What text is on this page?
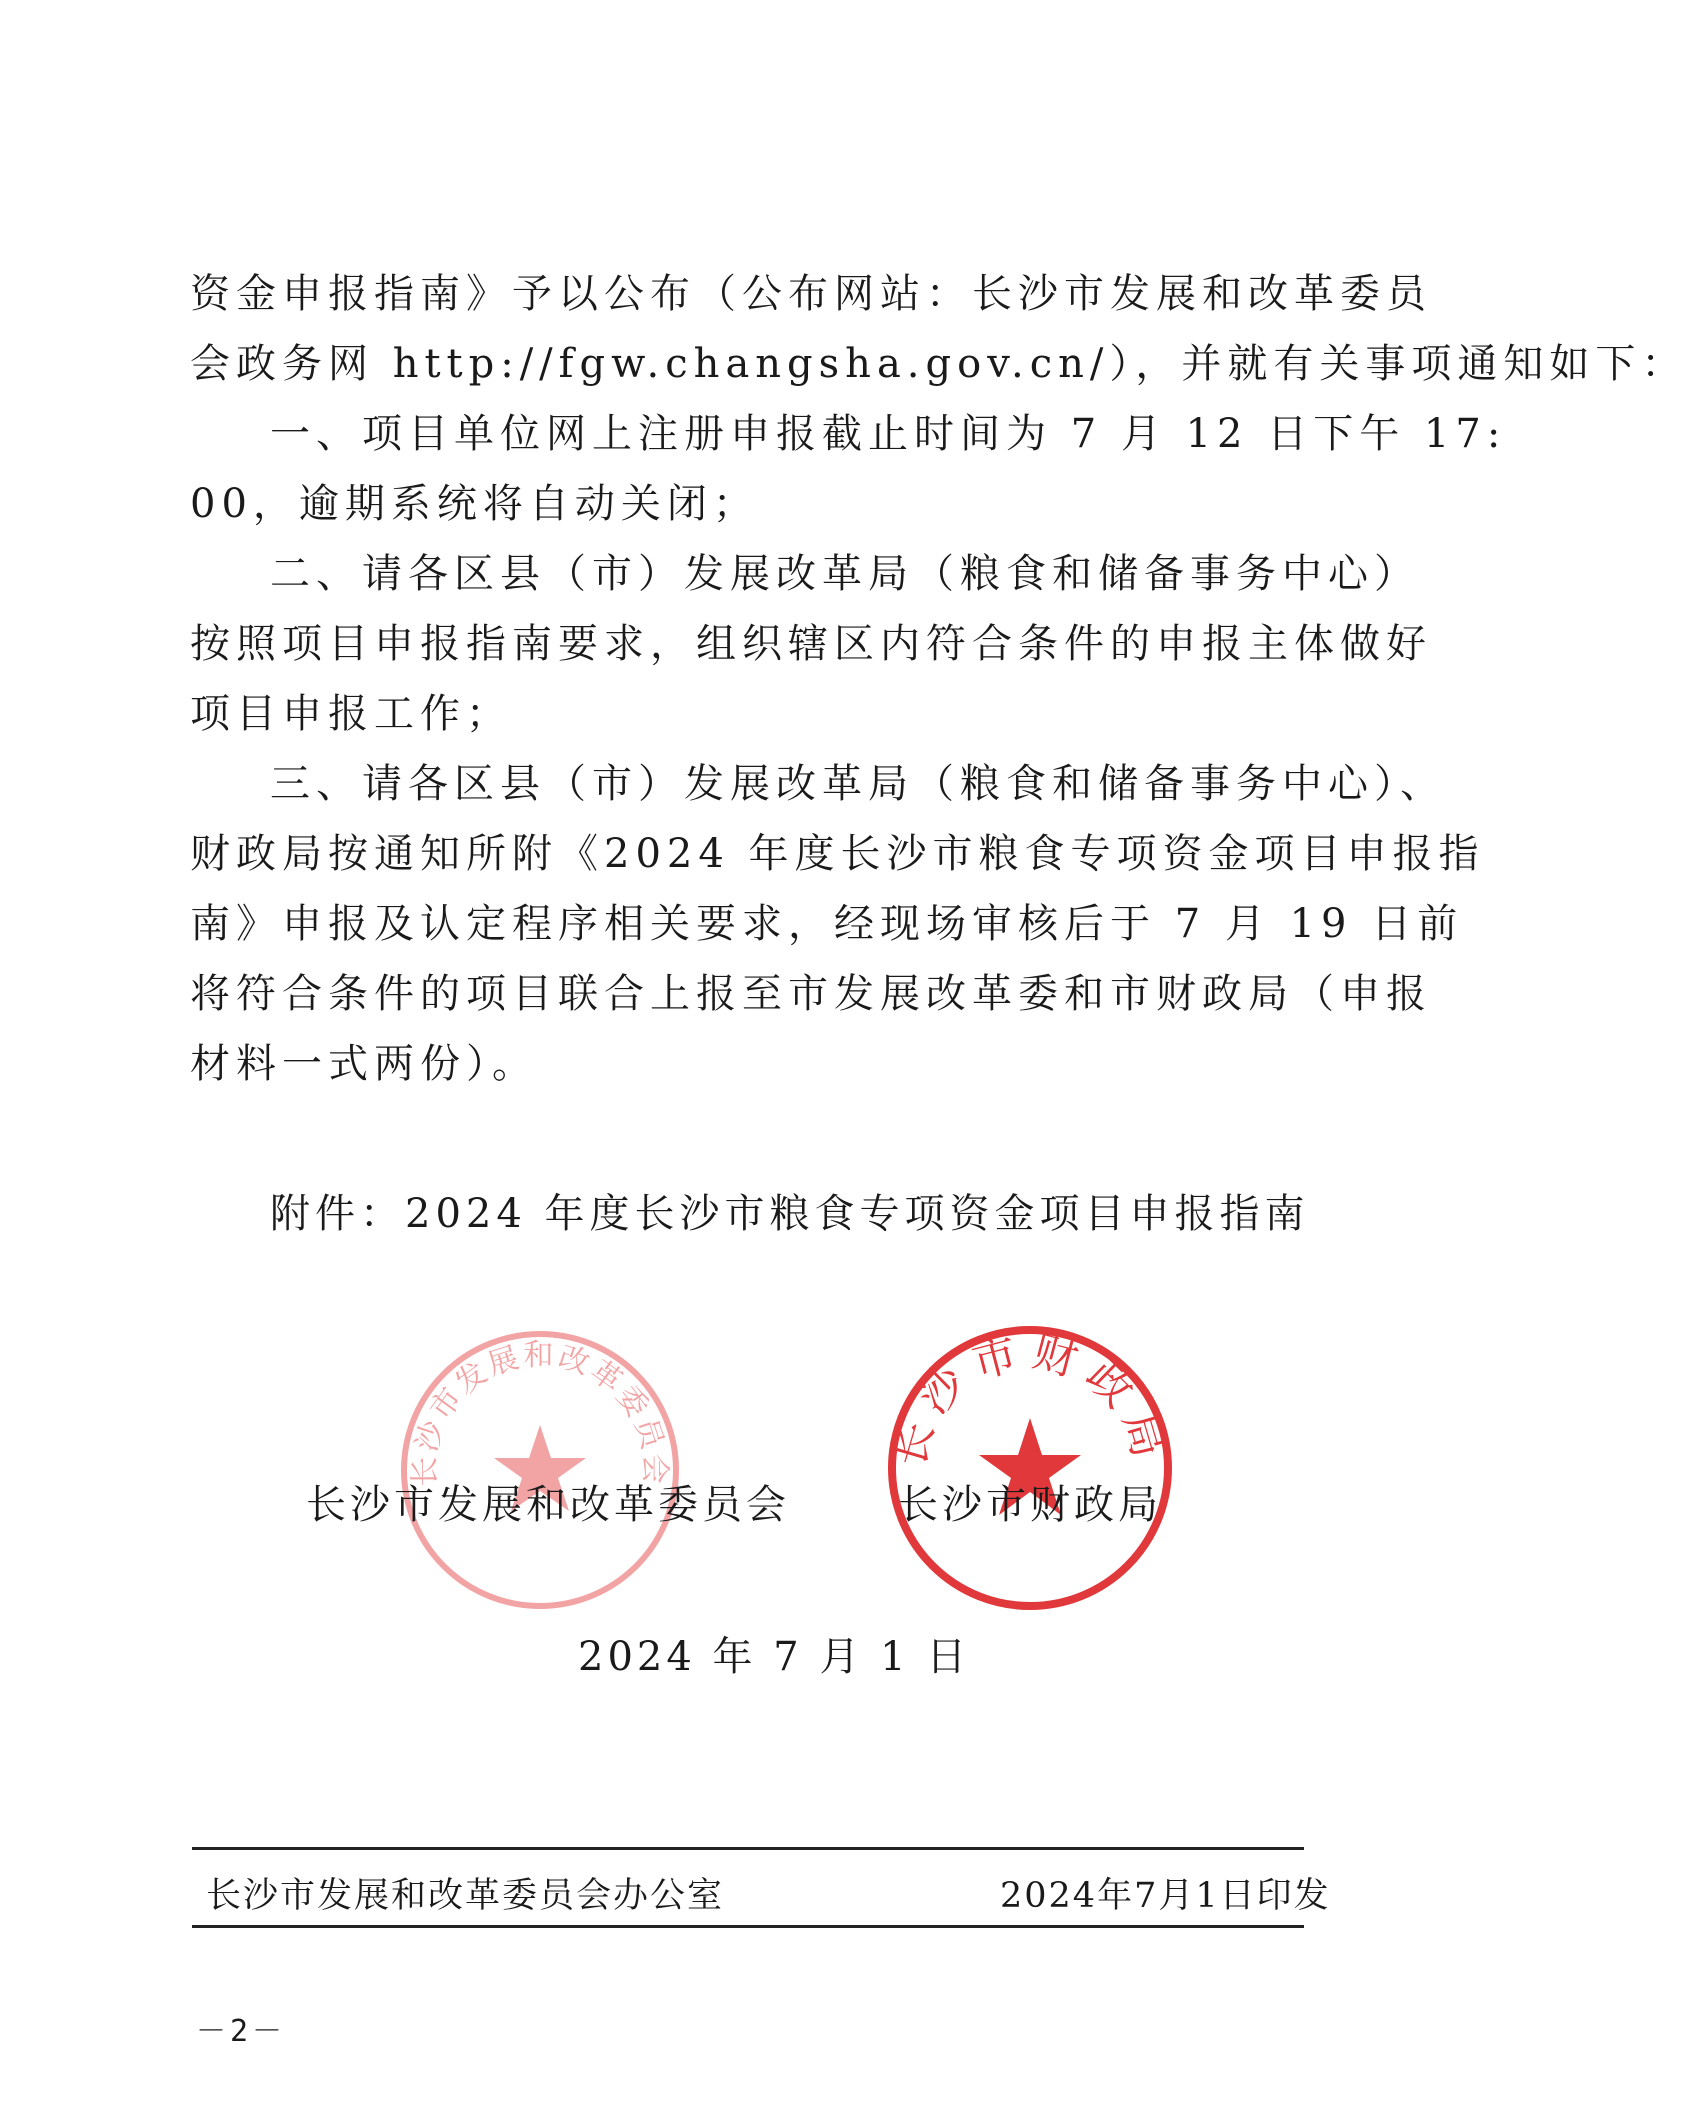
资金申报指南》予以公布（公布网站：长沙市发展和改革委员
会政务网 http://fgw.changsha.gov.cn/），并就有关事项通知如下：
一、项目单位网上注册申报截止时间为 7 月 12 日下午 17:
00，逾期系统将自动关闭；
二、请各区县（市）发展改革局（粮食和储备事务中心）
按照项目申报指南要求，组织辖区内符合条件的申报主体做好
项目申报工作；
三、请各区县（市）发展改革局（粮食和储备事务中心）、
财政局按通知所附《2024 年度长沙市粮食专项资金项目申报指
南》申报及认定程序相关要求，经现场审核后于 7 月 19 日前
将符合条件的项目联合上报至市发展改革委和市财政局（申报
材料一式两份）。
附件：2024 年度长沙市粮食专项资金项目申报指南
长沙市发展和改革委员会	长沙市财政局
长沙市发展和改革委员会	长沙市财政局
2024 年 7 月 1 日
长沙市发展和改革委员会办公室	2024年7月1日印发
－2－
